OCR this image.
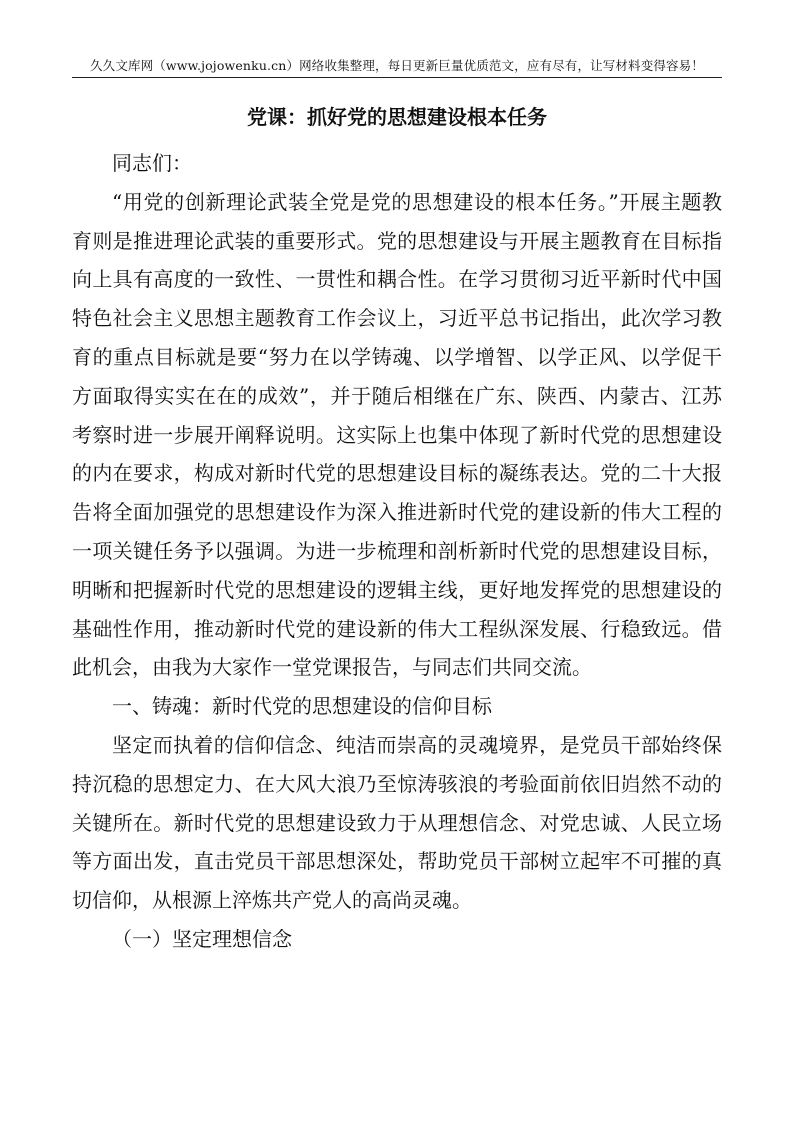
久久文库网（www.jojowenku.cn）网络收集整理，每日更新巨量优质范文，应有尽有，让写材料变得容易！
党课：抓好党的思想建设根本任务

同志们：

“用党的创新理论武装全党是党的思想建设的根本任务。”开展主题教育则是推进理论武装的重要形式。党的思想建设与开展主题教育在目标指向上具有高度的一致性、一贯性和耦合性。在学习贯彻习近平新时代中国特色社会主义思想主题教育工作会议上，习近平总书记指出，此次学习教育的重点目标就是要“努力在以学铸魂、以学增智、以学正风、以学促干方面取得实实在在的成效”，并于随后相继在广东、陕西、内蒙古、江苏考察时进一步展开阐释说明。这实际上也集中体现了新时代党的思想建设的内在要求，构成对新时代党的思想建设目标的凝练表达。党的二十大报告将全面加强党的思想建设作为深入推进新时代党的建设新的伟大工程的一项关键任务予以强调。为进一步梳理和剖析新时代党的思想建设目标，明晰和把握新时代党的思想建设的逻辑主线，更好地发挥党的思想建设的基础性作用，推动新时代党的建设新的伟大工程纵深发展、行稳致远。借此机会，由我为大家作一堂党课报告，与同志们共同交流。

一、铸魂：新时代党的思想建设的信仰目标

坚定而执着的信仰信念、纯洁而崇高的灵魂境界，是党员干部始终保持沉稳的思想定力、在大风大浪乃至惊涛骇浪的考验面前依旧岿然不动的关键所在。新时代党的思想建设致力于从理想信念、对党忠诚、人民立场等方面出发，直击党员干部思想深处，帮助党员干部树立起牢不可摧的真切信仰，从根源上淬炼共产党人的高尚灵魂。

（一）坚定理想信念
